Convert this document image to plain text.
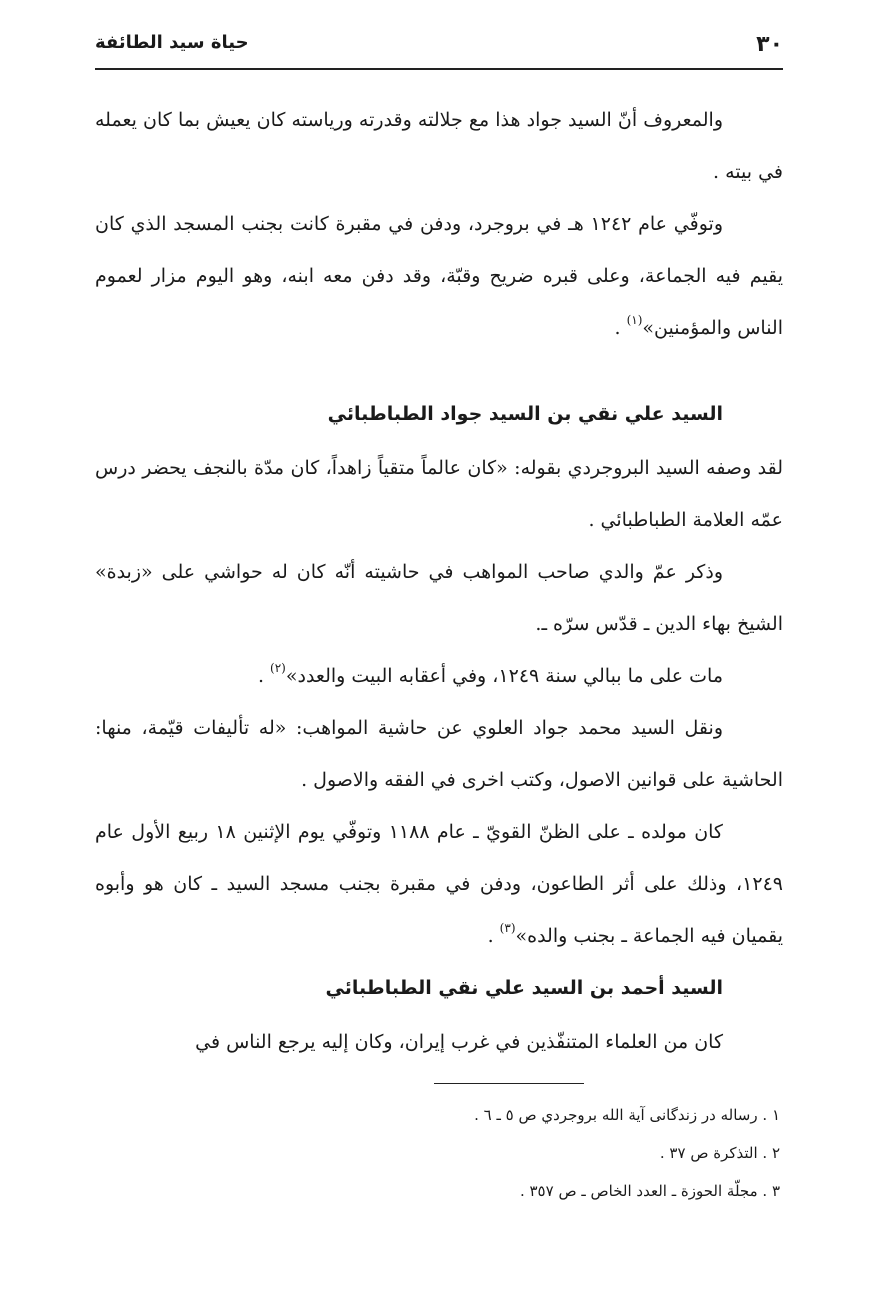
٣٠
حياة سيد الطائفة

والمعروف أنّ السيد جواد هذا مع جلالته وقدرته ورياسته كان يعيش بما كان يعمله في بيته .

وتوفّي عام ١٢٤٢ هـ في بروجرد، ودفن في مقبرة كانت بجنب المسجد الذي كان يقيم فيه الجماعة، وعلى قبره ضريح وقبّة، وقد دفن معه ابنه، وهو اليوم مزار لعموم الناس والمؤمنين»$^{(١)}$ .

السيد علي نقي بن السيد جواد الطباطبائي

لقد وصفه السيد البروجردي بقوله: «كان عالماً متقياً زاهداً، كان مدّة بالنجف يحضر درس عمّه العلامة الطباطبائي .

وذكر عمّ والدي صاحب المواهب في حاشيته أنّه كان له حواشي على «زبدة» الشيخ بهاء الدين ـ قدّس سرّه ـ.

مات على ما ببالي سنة ١٢٤٩، وفي أعقابه البيت والعدد»$^{(٢)}$ .

ونقل السيد محمد جواد العلوي عن حاشية المواهب: «له تأليفات قيّمة، منها: الحاشية على قوانين الاصول، وكتب اخرى في الفقه والاصول .

كان مولده ـ على الظنّ القويّ ـ عام ١١٨٨ وتوفّي يوم الإثنين ١٨ ربيع الأول عام ١٢٤٩، وذلك على أثر الطاعون، ودفن في مقبرة بجنب مسجد السيد ـ كان هو وأبوه يقميان فيه الجماعة ـ بجنب والده»$^{(٣)}$ .

السيد أحمد بن السيد علي نقي الطباطبائي

كان من العلماء المتنفّذين في غرب إيران، وكان إليه يرجع الناس في

١ . رساله در زندگانى آية الله بروجردي ص ٥ ـ ٦ .
٢ . التذكرة ص ٣٧ .
٣ . مجلّة الحوزة ـ العدد الخاص ـ ص ٣٥٧ .
